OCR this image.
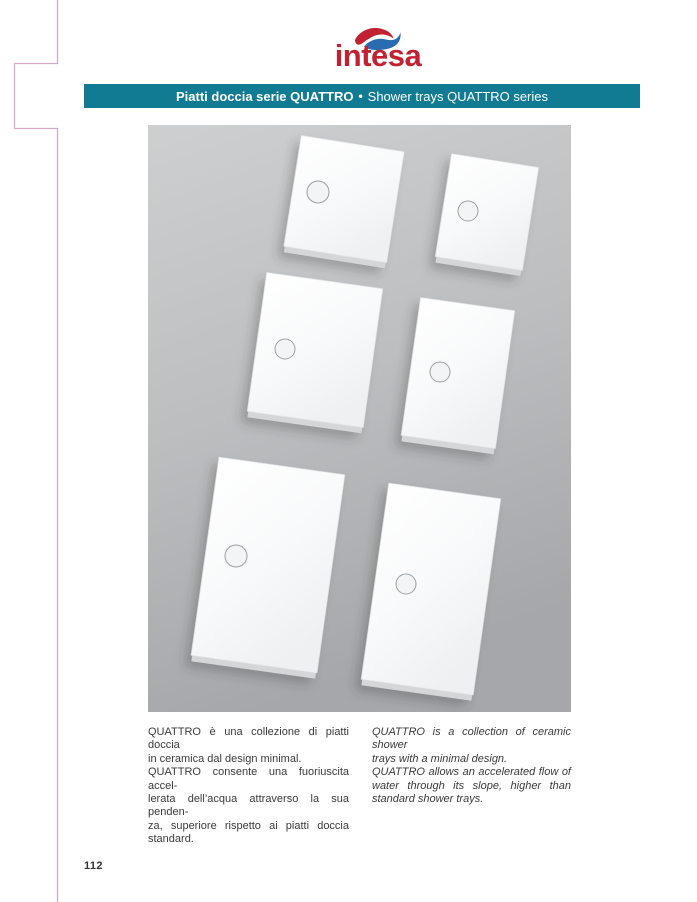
intesa
Piatti doccia serie QUATTRO • Shower trays QUATTRO series
QUATTRO è una collezione di piatti doccia
in ceramica dal design minimal.
QUATTRO consente una fuoriuscita accel-
lerata dell’acqua attraverso la sua penden-
za, superiore rispetto ai piatti doccia
standard.
QUATTRO is a collection of ceramic shower
trays with a minimal design.
QUATTRO allows an accelerated flow of
water through its slope, higher than
standard shower trays.
112
